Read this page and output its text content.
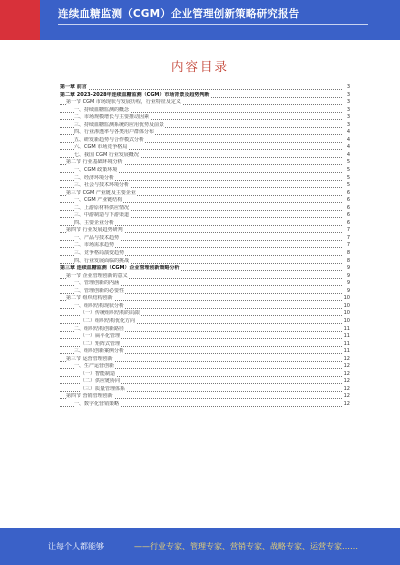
连续血糖监测（CGM）企业管理创新策略研究报告
内容目录
第一章 前言	3
第二章 2023-2028年连续血糖监测（CGM）市场背景及趋势判断	3
第一节 CGM 市场现状与发展历程，行业特征及定义	3
一、持续血糖监测的概念	3
二、市场规模增长与主要推动因素	3
三、持续血糖监测系统的应用优势及前景	3
四、行业渗透率与各类用户群体分布	4
五、研发新趋势与合作模式分析	4
六、CGM 市场竞争格局	4
七、我国 CGM 行业发展概况	4
第二节 行业基础环境分析	5
一、CGM 政策环境	5
二、经济环境分析	5
三、社会与技术环境分析	5
第三节 CGM 产业链及主要企业	6
一、CGM 产业链结构	6
二、上游原材料供应情况	6
三、中游制造与下游渠道	6
四、主要企业分析	6
第四节 行业发展趋势研判	7
一、产品与技术趋势	7
二、市场需求趋势	7
三、竞争格局演变趋势	8
四、行业发展面临的挑战	8
第三章 连续血糖监测（CGM）企业管理创新策略分析	9
第一节 企业管理创新的意义	9
一、管理创新的内涵	9
二、管理创新的必要性	9
第二节 组织结构创新	10
一、组织结构现状分析	10
（一）传统组织结构的局限	10
（二）组织结构优化方向	10
二、组织结构创新路径	11
（一）扁平化管理	11
（二）矩阵式管理	11
三、组织创新案例分析	11
第三节 运营管理创新	12
一、生产运营创新	12
（一）智能制造	12
（二）供应链协同	12
（三）质量管理体系	12
第四节 营销管理创新	12
一、数字化营销策略	12
让每个人都能够	——行业专家、管理专家、营销专家、战略专家、运营专家……
